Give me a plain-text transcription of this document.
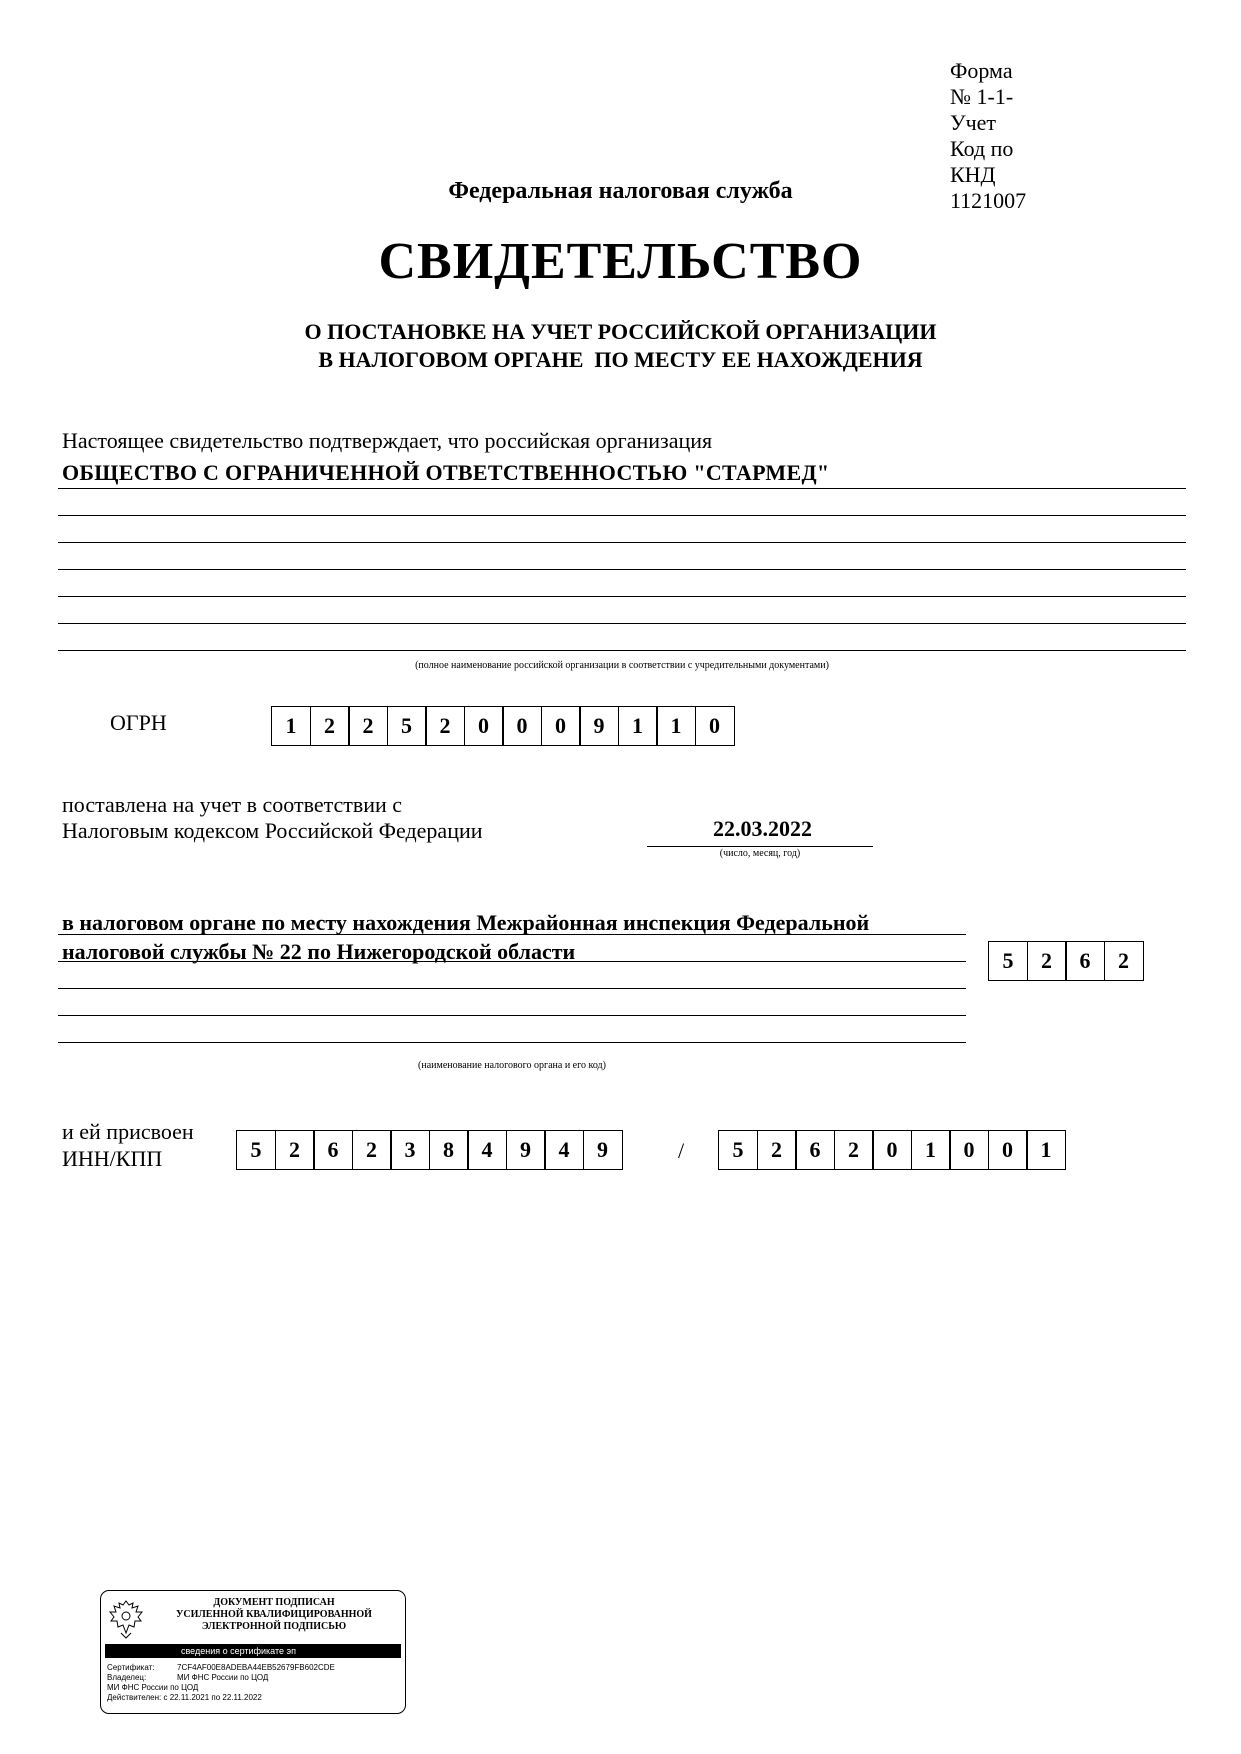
Форма № 1-1-Учет
Код по КНД 1121007
Федеральная налоговая служба
СВИДЕТЕЛЬСТВО
О ПОСТАНОВКЕ НА УЧЕТ РОССИЙСКОЙ ОРГАНИЗАЦИИ
В НАЛОГОВОМ ОРГАНЕ  ПО МЕСТУ ЕЕ НАХОЖДЕНИЯ
Настоящее свидетельство подтверждает, что российская организация
ОБЩЕСТВО С ОГРАНИЧЕННОЙ ОТВЕТСТВЕННОСТЬЮ "СТАРМЕД"
(полное наименование российской организации в соответствии с учредительными документами)
ОГРН	1	2	2	5	2	0	0	0	9	1	1	0
поставлена на учет в соответствии с
Налоговым кодексом Российской Федерации	22.03.2022
(число, месяц, год)
в налоговом органе по месту нахождения Межрайонная инспекция Федеральной
налоговой службы № 22 по Нижегородской области
(наименование налогового органа и его код)
5	2	6	2
и ей присвоен
ИНН/КПП	5	2	6	2	3	8	4	9	4	9	/	5	2	6	2	0	1	0	0	1
ДОКУМЕНТ ПОДПИСАН
УСИЛЕННОЙ КВАЛИФИЦИРОВАННОЙ
ЭЛЕКТРОННОЙ ПОДПИСЬЮ
сведения о сертификате эп
Сертификат:	7CF4AF00E8ADEBA44EB52679FB602CDE
Владелец:	МИ ФНС России по ЦОД
МИ ФНС России по ЦОД
Действителен: с 22.11.2021 по 22.11.2022
